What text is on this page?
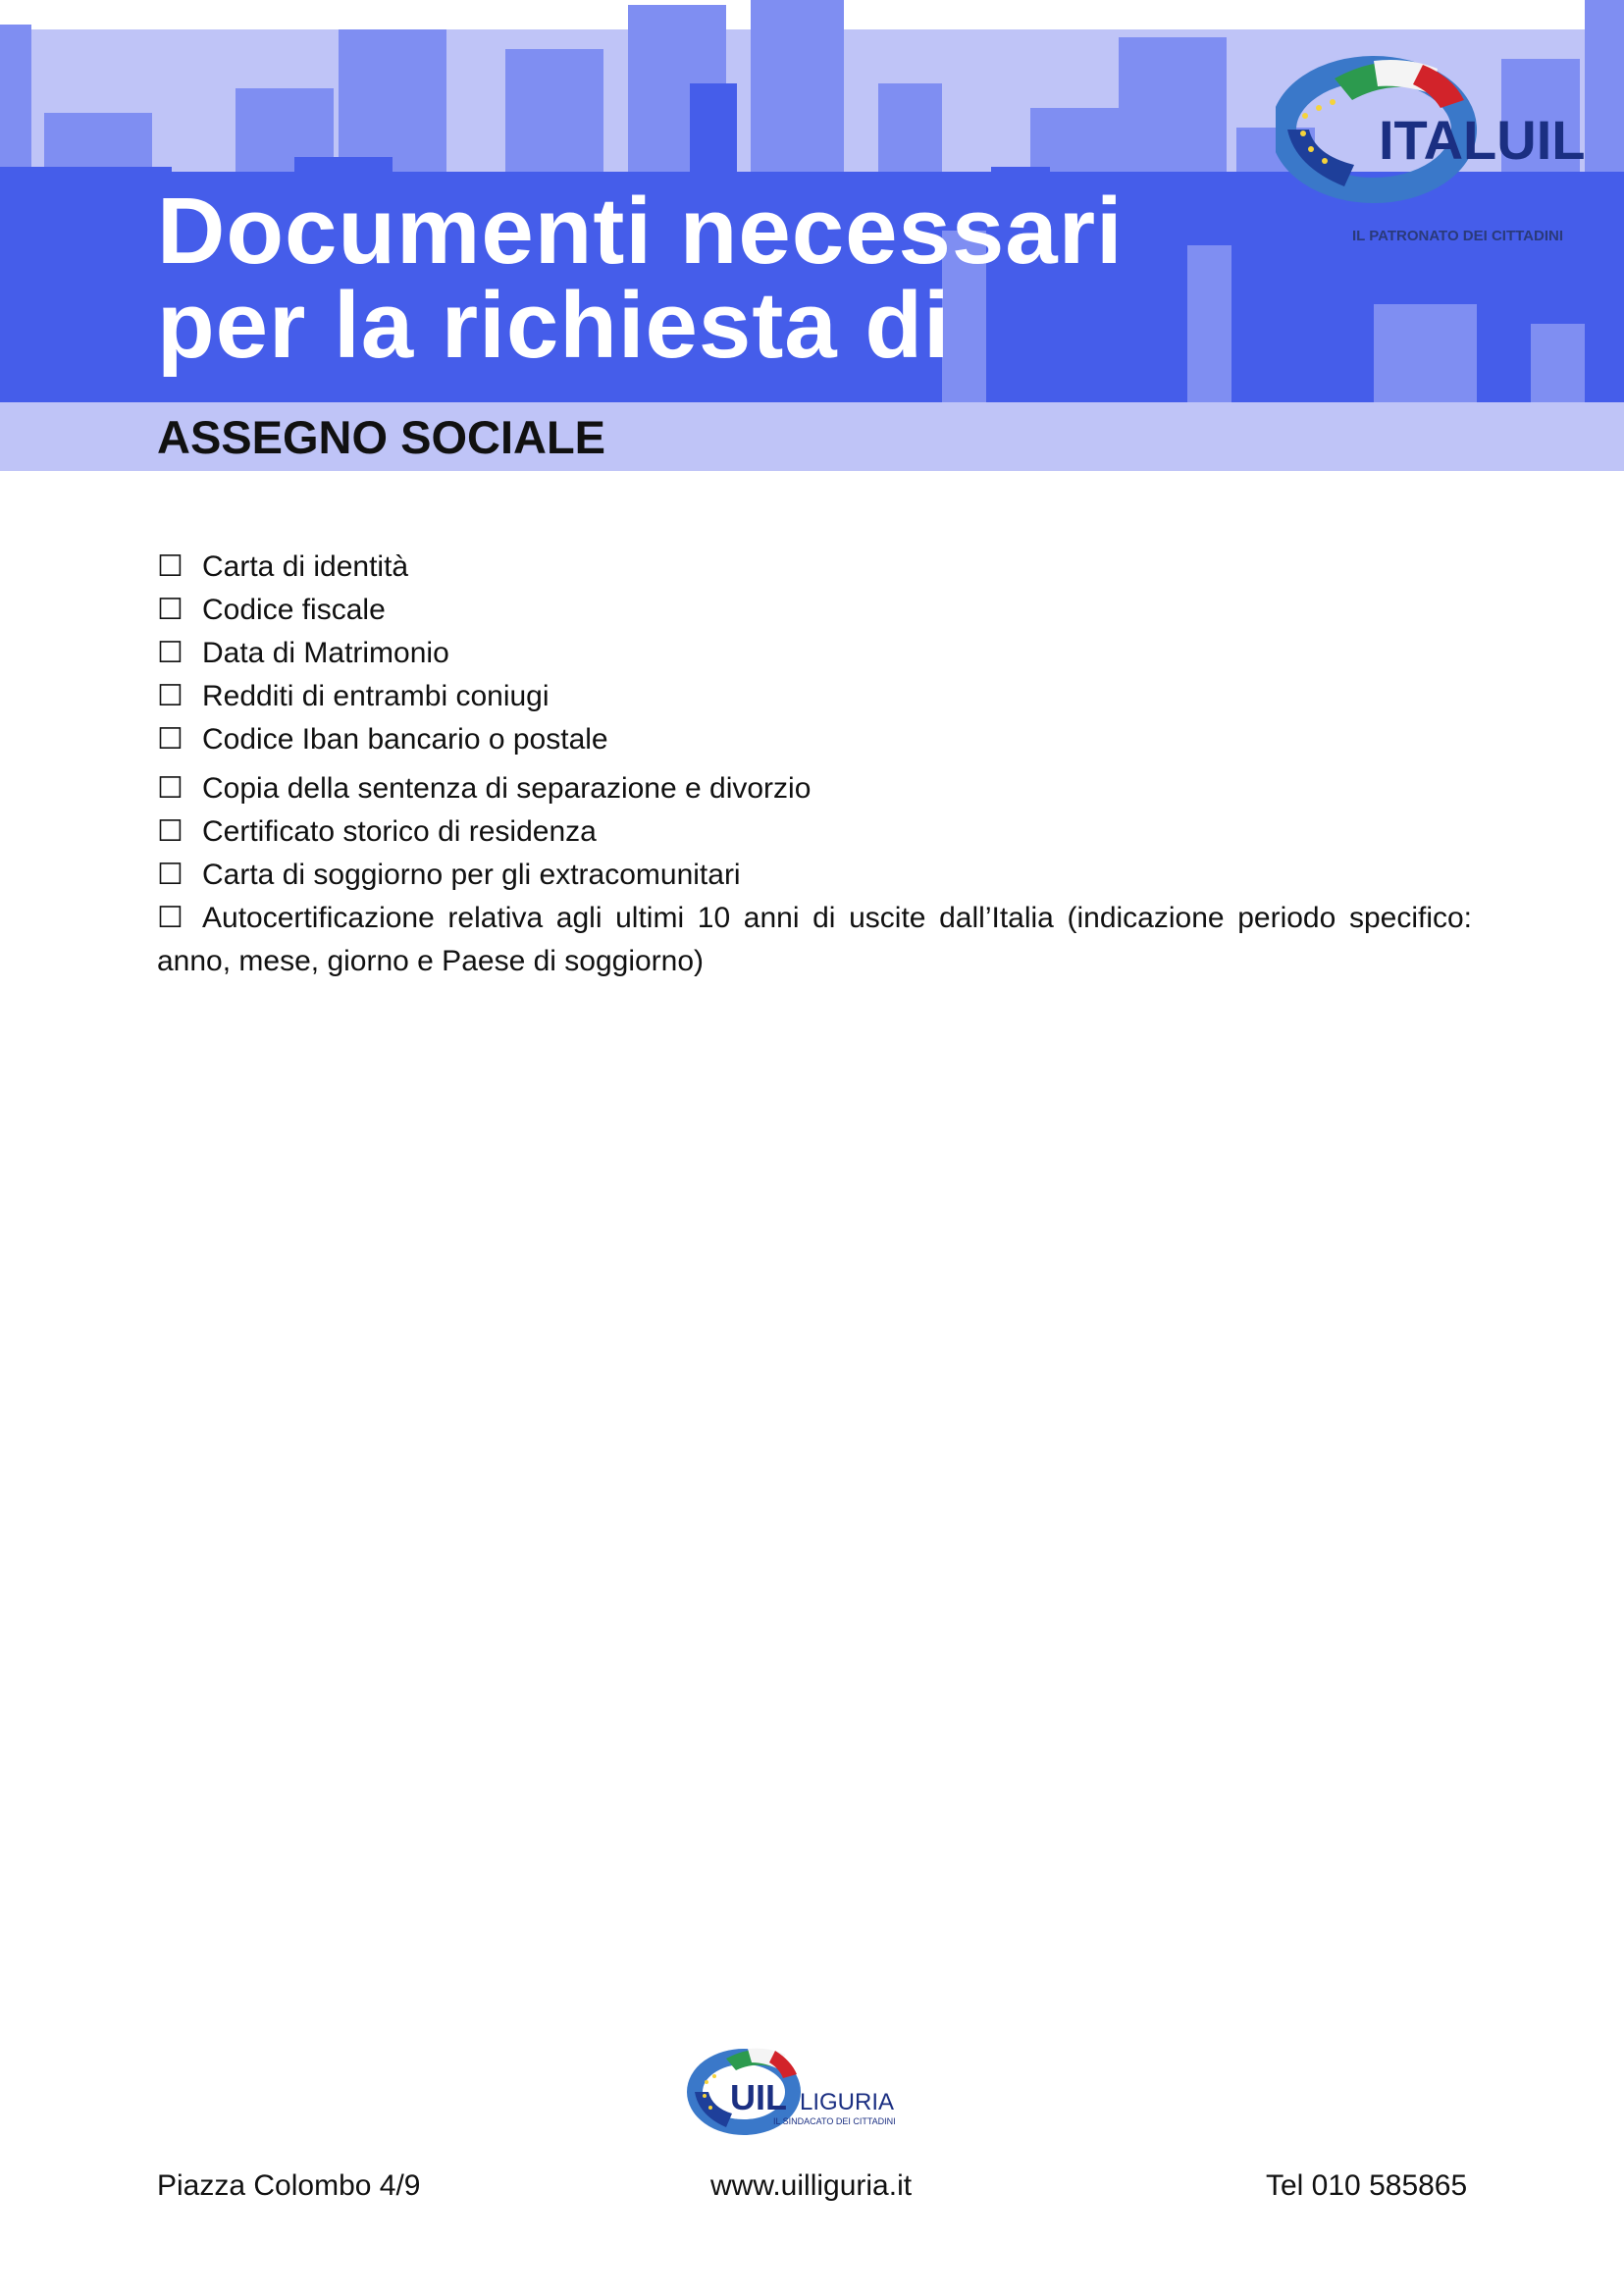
Documenti necessari
per la richiesta di
ITALUIL
IL PATRONATO DEI CITTADINI
ASSEGNO SOCIALE
☐ Carta di identità
☐ Codice fiscale
☐ Data di Matrimonio
☐ Redditi di entrambi coniugi
☐ Codice Iban bancario o postale
☐ Copia della sentenza di separazione e divorzio
☐ Certificato storico di residenza
☐ Carta di soggiorno per gli extracomunitari
☐ Autocertificazione relativa agli ultimi 10 anni di uscite dall’Italia (indicazione periodo specifico: anno, mese, giorno e Paese di soggiorno)
UIL LIGURIA
IL SINDACATO DEI CITTADINI
Piazza Colombo 4/9	www.uilliguria.it	Tel 010 585865
